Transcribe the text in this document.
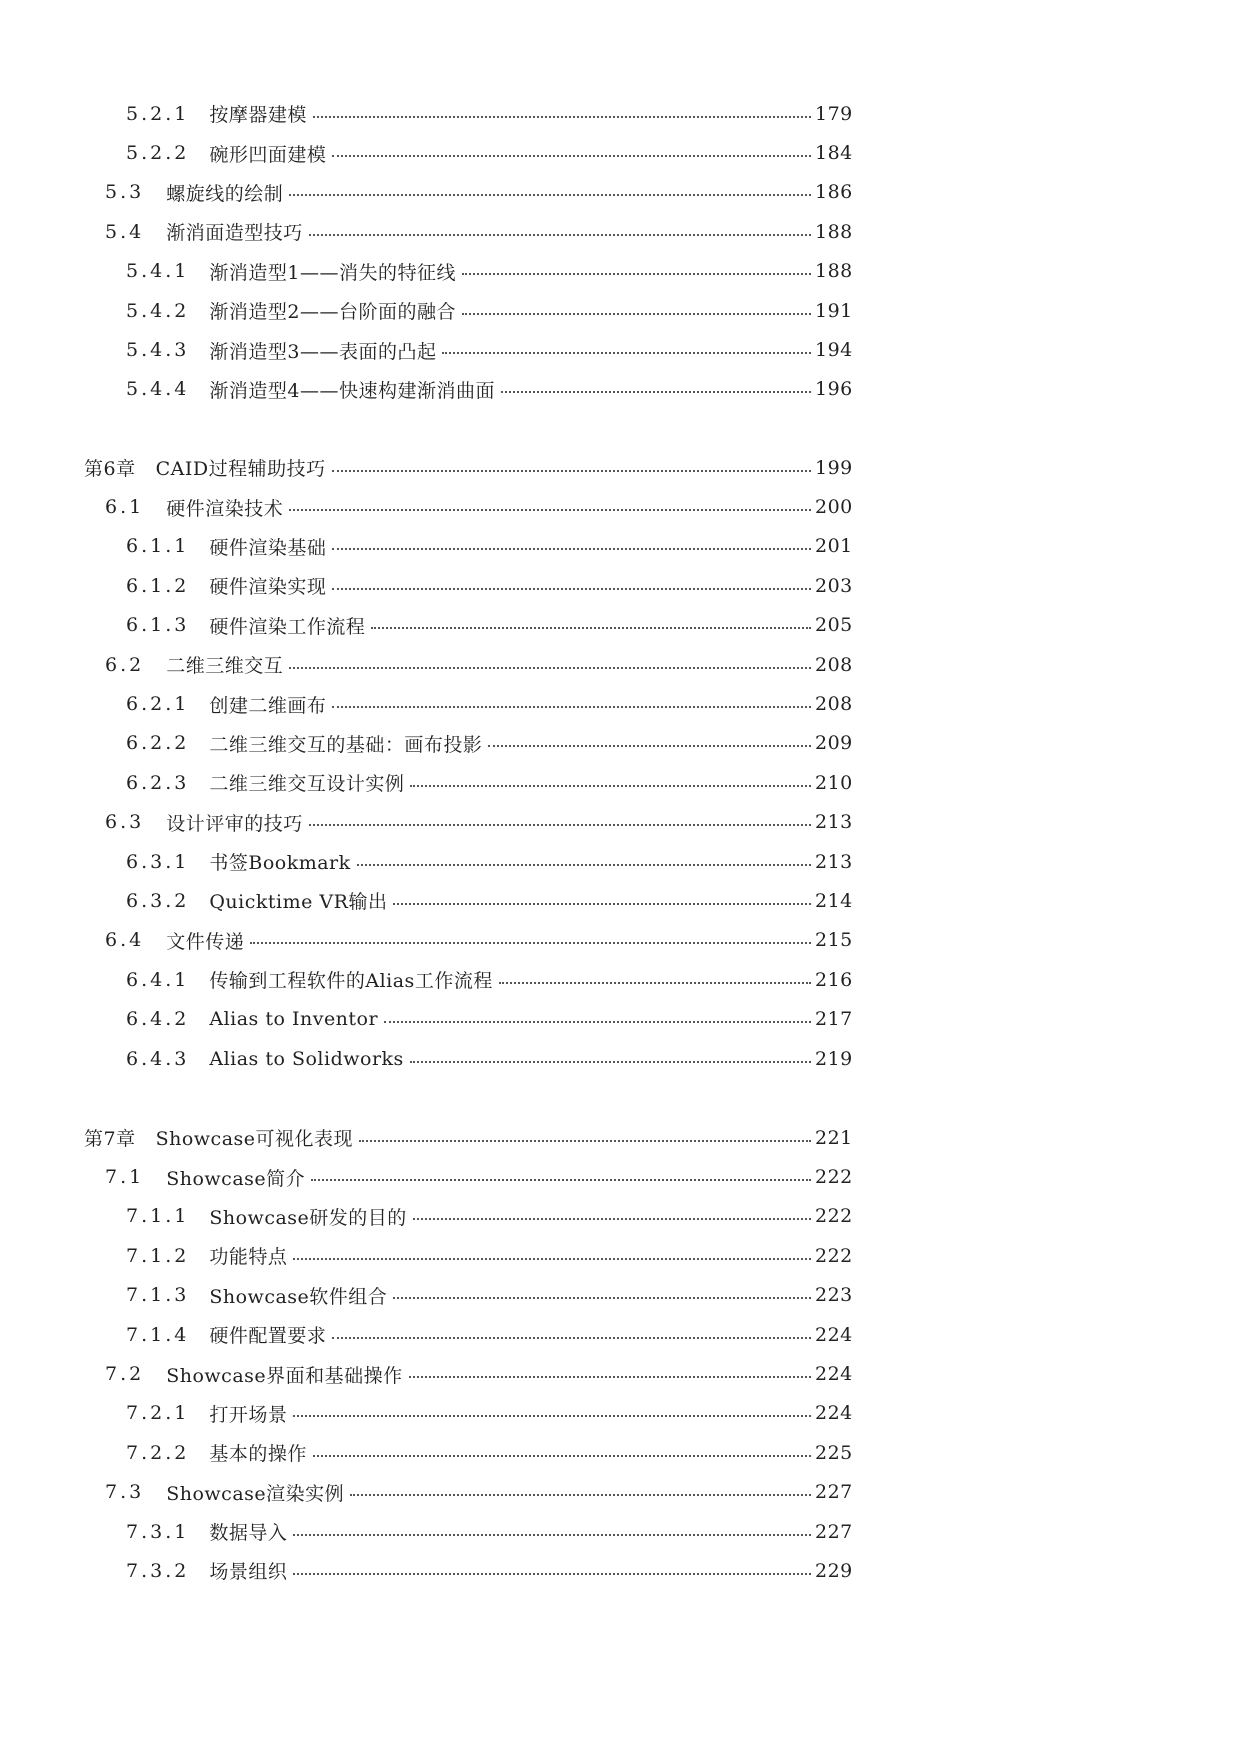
5.2.1 按摩器建模	179
5.2.2 碗形凹面建模	184
5.3 螺旋线的绘制	186
5.4 渐消面造型技巧	188
5.4.1 渐消造型1——消失的特征线	188
5.4.2 渐消造型2——台阶面的融合	191
5.4.3 渐消造型3——表面的凸起	194
5.4.4 渐消造型4——快速构建渐消曲面	196
第6章 CAID过程辅助技巧	199
6.1 硬件渲染技术	200
6.1.1 硬件渲染基础	201
6.1.2 硬件渲染实现	203
6.1.3 硬件渲染工作流程	205
6.2 二维三维交互	208
6.2.1 创建二维画布	208
6.2.2 二维三维交互的基础：画布投影	209
6.2.3 二维三维交互设计实例	210
6.3 设计评审的技巧	213
6.3.1 书签Bookmark	213
6.3.2 Quicktime VR输出	214
6.4 文件传递	215
6.4.1 传输到工程软件的Alias工作流程	216
6.4.2 Alias to Inventor	217
6.4.3 Alias to Solidworks	219
第7章 Showcase可视化表现	221
7.1 Showcase简介	222
7.1.1 Showcase研发的目的	222
7.1.2 功能特点	222
7.1.3 Showcase软件组合	223
7.1.4 硬件配置要求	224
7.2 Showcase界面和基础操作	224
7.2.1 打开场景	224
7.2.2 基本的操作	225
7.3 Showcase渲染实例	227
7.3.1 数据导入	227
7.3.2 场景组织	229
